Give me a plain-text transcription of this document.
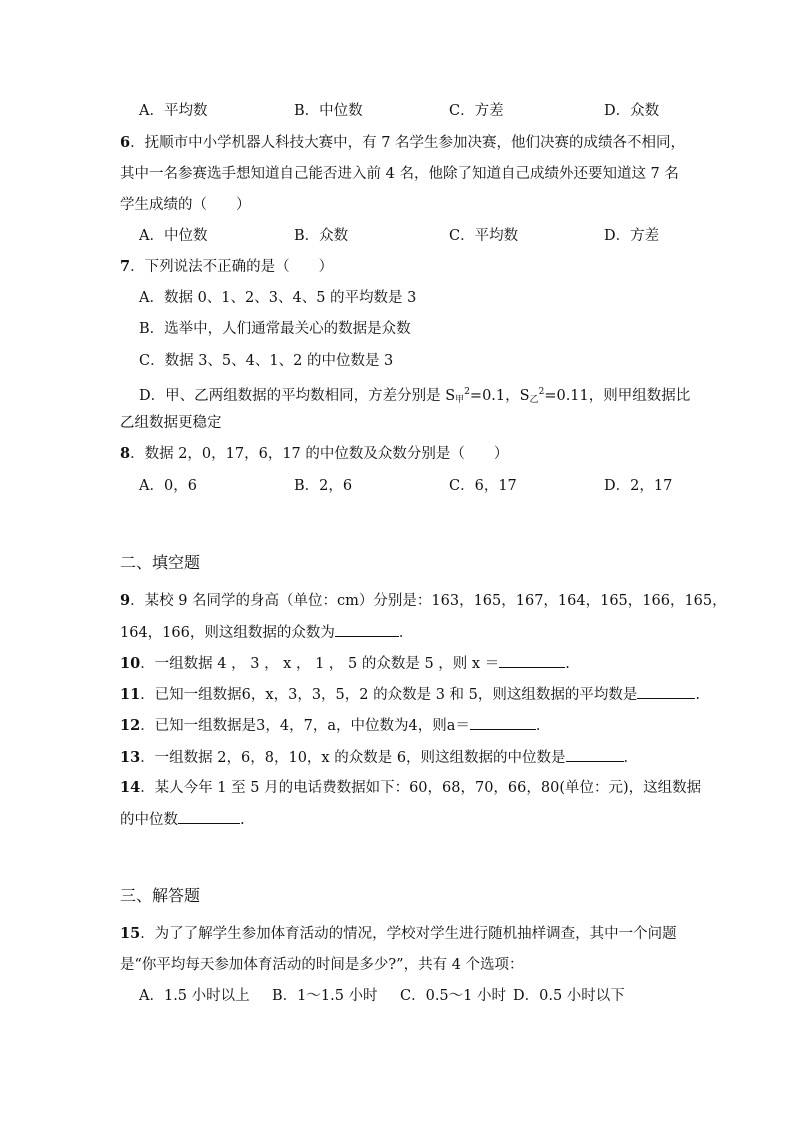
A．平均数	B．中位数	C．方差	D．众数
6．抚顺市中小学机器人科技大赛中，有 7 名学生参加决赛，他们决赛的成绩各不相同，
其中一名参赛选手想知道自己能否进入前 4 名，他除了知道自己成绩外还要知道这 7 名
学生成绩的（　　）
A．中位数	B．众数	C．平均数	D．方差
7．下列说法不正确的是（　　）
A．数据 0、1、2、3、4、5 的平均数是 3
B．选举中，人们通常最关心的数据是众数
C．数据 3、5、4、1、2 的中位数是 3
D．甲、乙两组数据的平均数相同，方差分别是 $S_甲^2=0.1$，$S_乙^2=0.11$，则甲组数据比
乙组数据更稳定
8．数据 2，0，17，6，17 的中位数及众数分别是（　　）
A．0，6	B．2，6	C．6，17	D．2，17
二、填空题
9．某校 9 名同学的身高（单位：cm）分别是：163，165，167，164，165，166，165，
164，166，则这组数据的众数为	．
10．一组数据 4 ， 3 ， x ， 1 ， 5 的众数是 5 ，则 x ＝	.
11．已知一组数据6，x，3，3，5，2 的众数是 3 和 5，则这组数据的平均数是	.
12．已知一组数据是3，4，7，a，中位数为4，则a＝	．
13．一组数据 2，6，8，10，x 的众数是 6，则这组数据的中位数是	．
14．某人今年 1 至 5 月的电话费数据如下：60，68，70，66，80(单位：元)，这组数据
的中位数	.
三、解答题
15．为了了解学生参加体育活动的情况，学校对学生进行随机抽样调查，其中一个问题
是“你平均每天参加体育活动的时间是多少?”，共有 4 个选项：
A．1.5 小时以上 B．1～1.5 小时 C．0.5～1 小时 D．0.5 小时以下
